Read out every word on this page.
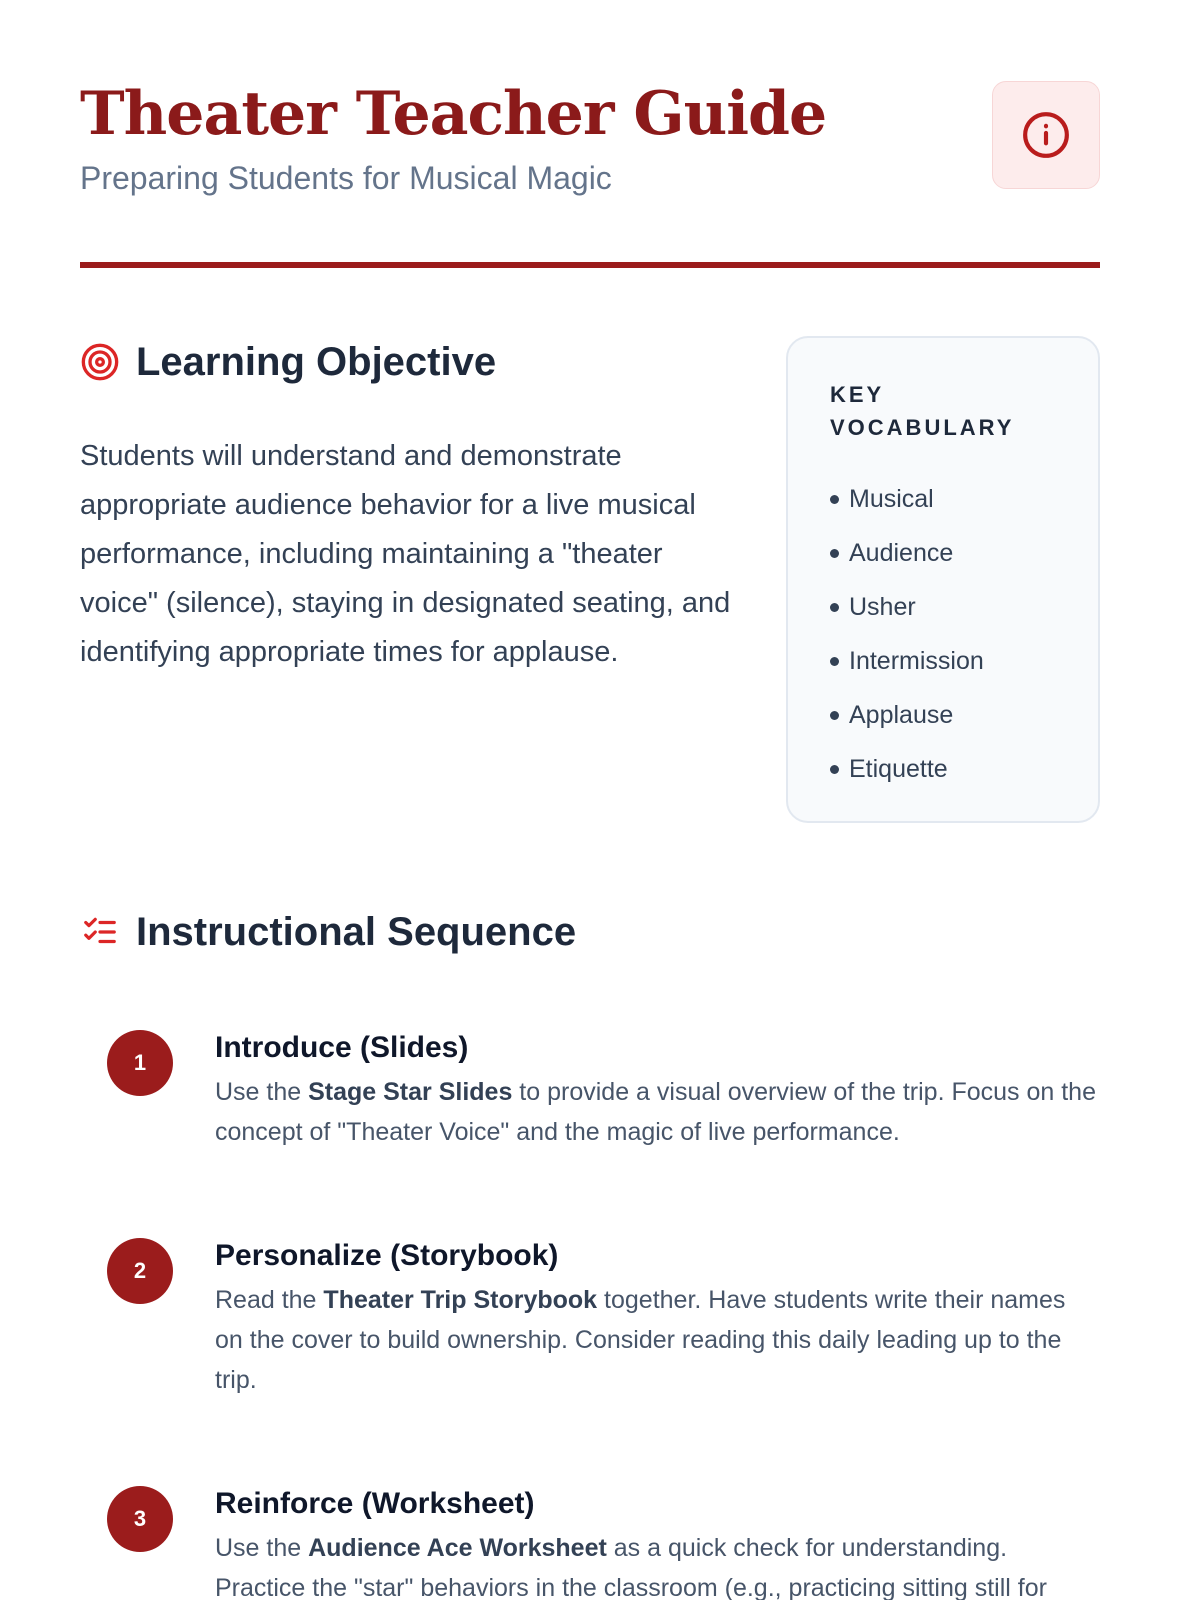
Theater Teacher Guide

Preparing Students for Musical Magic

Learning Objective

Students will understand and demonstrate appropriate audience behavior for a live musical performance, including maintaining a "theater voice" (silence), staying in designated seating, and identifying appropriate times for applause.

KEY VOCABULARY
Musical
Audience
Usher
Intermission
Applause
Etiquette
Instructional Sequence
1	Introduce (Slides)

Use the Stage Star Slides to provide a visual overview of the trip. Focus on the concept of "Theater Voice" and the magic of live performance.

2	Personalize (Storybook)

Read the Theater Trip Storybook together. Have students write their names on the cover to build ownership. Consider reading this daily leading up to the trip.

3	Reinforce (Worksheet)

Use the Audience Ace Worksheet as a quick check for understanding. Practice the "star" behaviors in the classroom (e.g., practicing sitting still for
